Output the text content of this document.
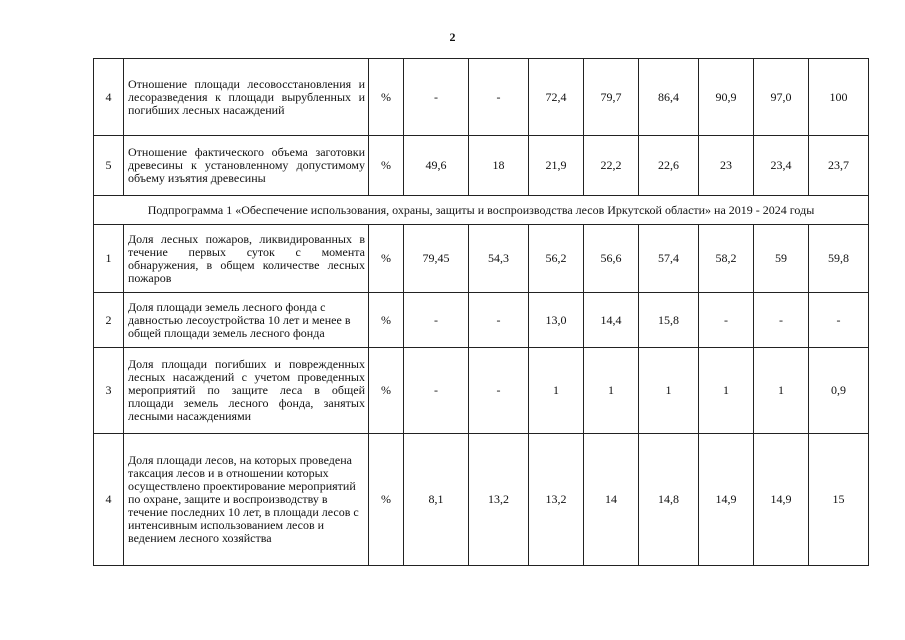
2
4	Отношение площади лесовосстановления и лесоразведения к площади вырубленных и погибших лесных насаждений	%	-	-	72,4	79,7	86,4	90,9	97,0	100
5	Отношение фактического объема заготовки древесины к установленному допустимому объему изъятия древесины	%	49,6	18	21,9	22,2	22,6	23	23,4	23,7
Подпрограмма 1 «Обеспечение использования, охраны, защиты и воспроизводства лесов Иркутской области» на 2019 - 2024 годы										
1	Доля лесных пожаров, ликвидированных в течение первых суток с момента обнаружения, в общем количестве лесных пожаров	%	79,45	54,3	56,2	56,6	57,4	58,2	59	59,8
2	Доля площади земель лесного фонда с давностью лесоустройства 10 лет и менее в общей площади земель лесного фонда	%	-	-	13,0	14,4	15,8	-	-	-
3	Доля площади погибших и поврежденных лесных насаждений с учетом проведенных мероприятий по защите леса в общей площади земель лесного фонда, занятых лесными насаждениями	%	-	-	1	1	1	1	1	0,9
4	Доля площади лесов, на которых проведена таксация лесов и в отношении которых осуществлено проектирование мероприятий по охране, защите и воспроизводству в течение последних 10 лет, в площади лесов с интенсивным использованием лесов и ведением лесного хозяйства	%	8,1	13,2	13,2	14	14,8	14,9	14,9	15
